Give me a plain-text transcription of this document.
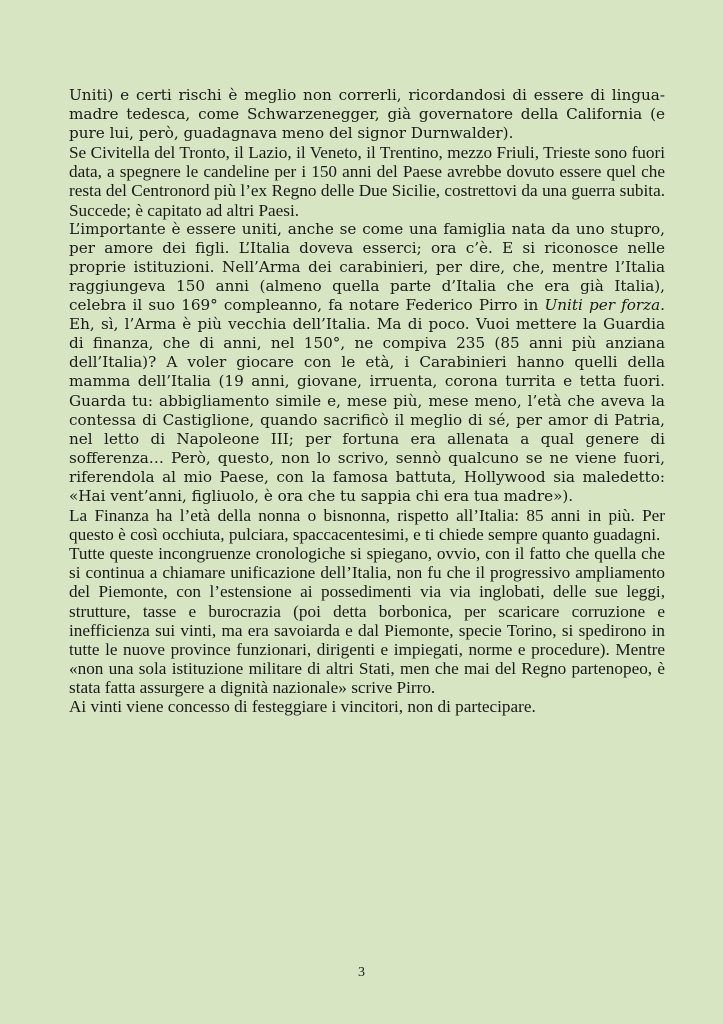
Uniti) e certi rischi è meglio non correrli, ricordandosi di essere di lingua-madre tedesca, come Schwarzenegger, già governatore della California (e pure lui, però, guadagnava meno del signor Durnwalder).

Se Civitella del Tronto, il Lazio, il Veneto, il Trentino, mezzo Friuli, Trieste sono fuori data, a spegnere le candeline per i 150 anni del Paese avrebbe dovuto essere quel che resta del Centronord più l’ex Regno delle Due Sicilie, costrettovi da una guerra subita. Succede; è capitato ad altri Paesi.

L’importante è essere uniti, anche se come una famiglia nata da uno stupro, per amore dei figli. L’Italia doveva esserci; ora c’è. E si riconosce nelle proprie istituzioni. Nell’Arma dei carabinieri, per dire, che, mentre l’Italia raggiungeva 150 anni (almeno quella parte d’Italia che era già Italia), celebra il suo 169° compleanno, fa notare Federico Pirro in Uniti per forza. Eh, sì, l’Arma è più vecchia dell’Italia. Ma di poco. Vuoi mettere la Guardia di finanza, che di anni, nel 150°, ne compiva 235 (85 anni più anziana dell’Italia)? A voler giocare con le età, i Carabinieri hanno quelli della mamma dell’Italia (19 anni, giovane, irruenta, corona turrita e tetta fuori. Guarda tu: abbigliamento simile e, mese più, mese meno, l’età che aveva la contessa di Castiglione, quando sacrificò il meglio di sé, per amor di Patria, nel letto di Napoleone III; per fortuna era allenata a qual genere di sofferenza… Però, questo, non lo scrivo, sennò qualcuno se ne viene fuori, riferendola al mio Paese, con la famosa battuta, Hollywood sia maledetto: «Hai vent’anni, figliuolo, è ora che tu sappia chi era tua madre»).

La Finanza ha l’età della nonna o bisnonna, rispetto all’Italia: 85 anni in più. Per questo è così occhiuta, pulciara, spaccacentesimi, e ti chiede sempre quanto guadagni.

Tutte queste incongruenze cronologiche si spiegano, ovvio, con il fatto che quella che si continua a chiamare unificazione dell’Italia, non fu che il progressivo ampliamento del Piemonte, con l’estensione ai possedimenti via via inglobati, delle sue leggi, strutture, tasse e burocrazia (poi detta borbonica, per scaricare corruzione e inefficienza sui vinti, ma era savoiarda e dal Piemonte, specie Torino, si spedirono in tutte le nuove province funzionari, dirigenti e impiegati, norme e procedure). Mentre «non una sola istituzione militare di altri Stati, men che mai del Regno partenopeo, è stata fatta assurgere a dignità nazionale» scrive Pirro.

Ai vinti viene concesso di festeggiare i vincitori, non di partecipare.

3
